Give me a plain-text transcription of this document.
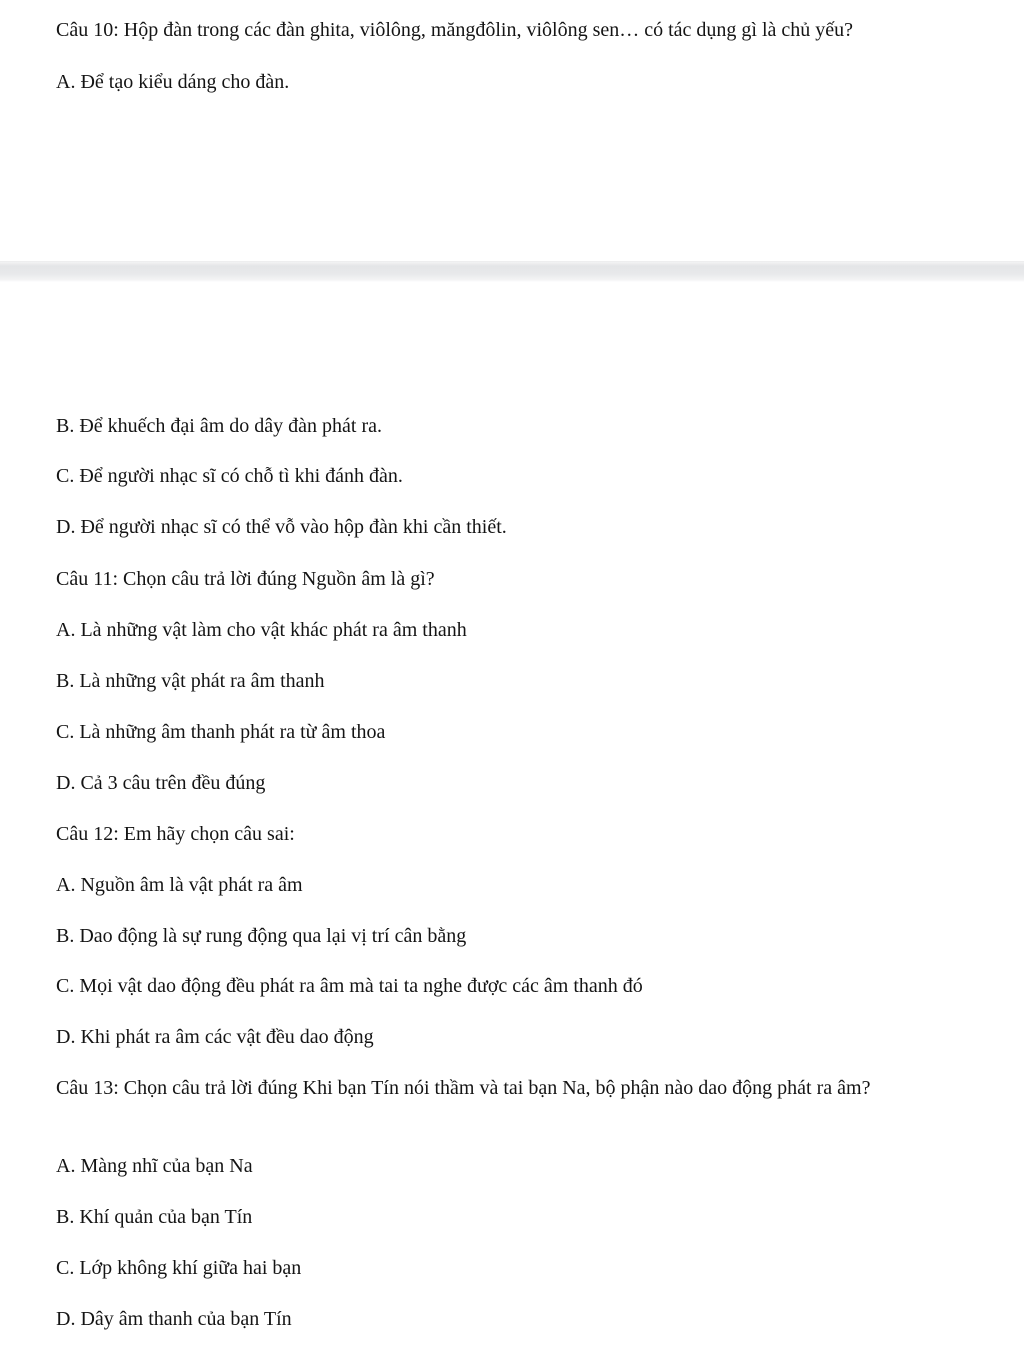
Câu 10: Hộp đàn trong các đàn ghita, viôlông, măngđôlin, viôlông sen… có tác dụng gì là chủ yếu?

A. Để tạo kiểu dáng cho đàn.

B. Để khuếch đại âm do dây đàn phát ra.

C. Để người nhạc sĩ có chỗ tì khi đánh đàn.

D. Để người nhạc sĩ có thể vỗ vào hộp đàn khi cần thiết.

Câu 11: Chọn câu trả lời đúng Nguồn âm là gì?

A. Là những vật làm cho vật khác phát ra âm thanh

B. Là những vật phát ra âm thanh

C. Là những âm thanh phát ra từ âm thoa

D. Cả 3 câu trên đều đúng

Câu 12: Em hãy chọn câu sai:

A. Nguồn âm là vật phát ra âm

B. Dao động là sự rung động qua lại vị trí cân bằng

C. Mọi vật dao động đều phát ra âm mà tai ta nghe được các âm thanh đó

D. Khi phát ra âm các vật đều dao động

Câu 13: Chọn câu trả lời đúng Khi bạn Tín nói thầm và tai bạn Na, bộ phận nào dao động phát ra âm?

A. Màng nhĩ của bạn Na

B. Khí quản của bạn Tín

C. Lớp không khí giữa hai bạn

D. Dây âm thanh của bạn Tín
